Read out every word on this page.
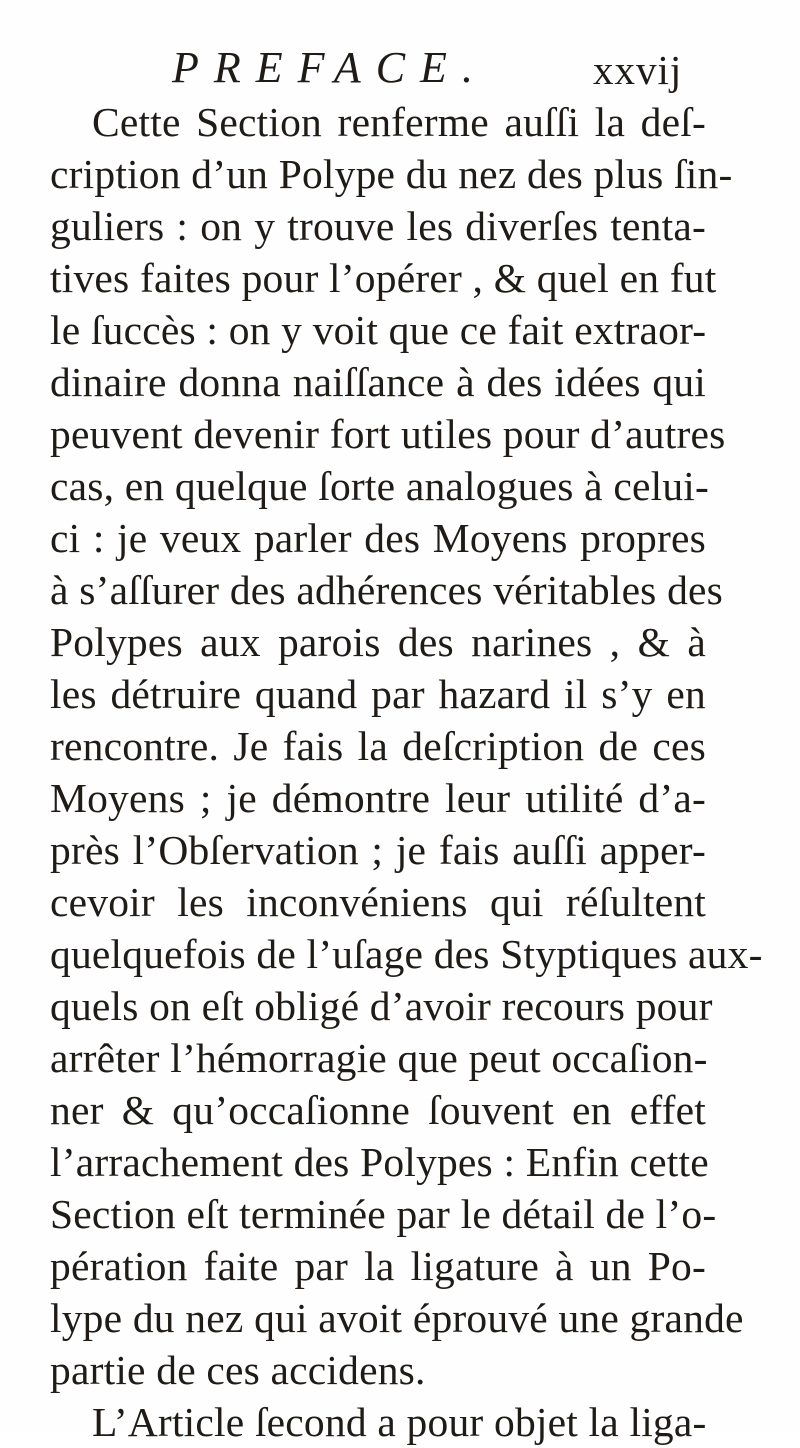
PREFACE.	xxvij
Cette Section renferme auſſi la deſ-
cription d’un Polype du nez des plus ſin-
guliers : on y trouve les diverſes tenta-
tives faites pour l’opérer , & quel en fut
le ſuccès : on y voit que ce fait extraor-
dinaire donna naiſſance à des idées qui
peuvent devenir fort utiles pour d’autres
cas, en quelque ſorte analogues à celui-
ci : je veux parler des Moyens propres
à s’aſſurer des adhérences véritables des
Polypes aux parois des narines , & à
les détruire quand par hazard il s’y en
rencontre. Je fais la deſcription de ces
Moyens ; je démontre leur utilité d’a-
près l’Obſervation ; je fais auſſi apper-
cevoir les inconvéniens qui réſultent
quelquefois de l’uſage des Styptiques aux-
quels on eſt obligé d’avoir recours pour
arrêter l’hémorragie que peut occaſion-
ner & qu’occaſionne ſouvent en effet
l’arrachement des Polypes : Enfin cette
Section eſt terminée par le détail de l’o-
pération faite par la ligature à un Po-
lype du nez qui avoit éprouvé une grande
partie de ces accidens.
L’Article ſecond a pour objet la liga-
